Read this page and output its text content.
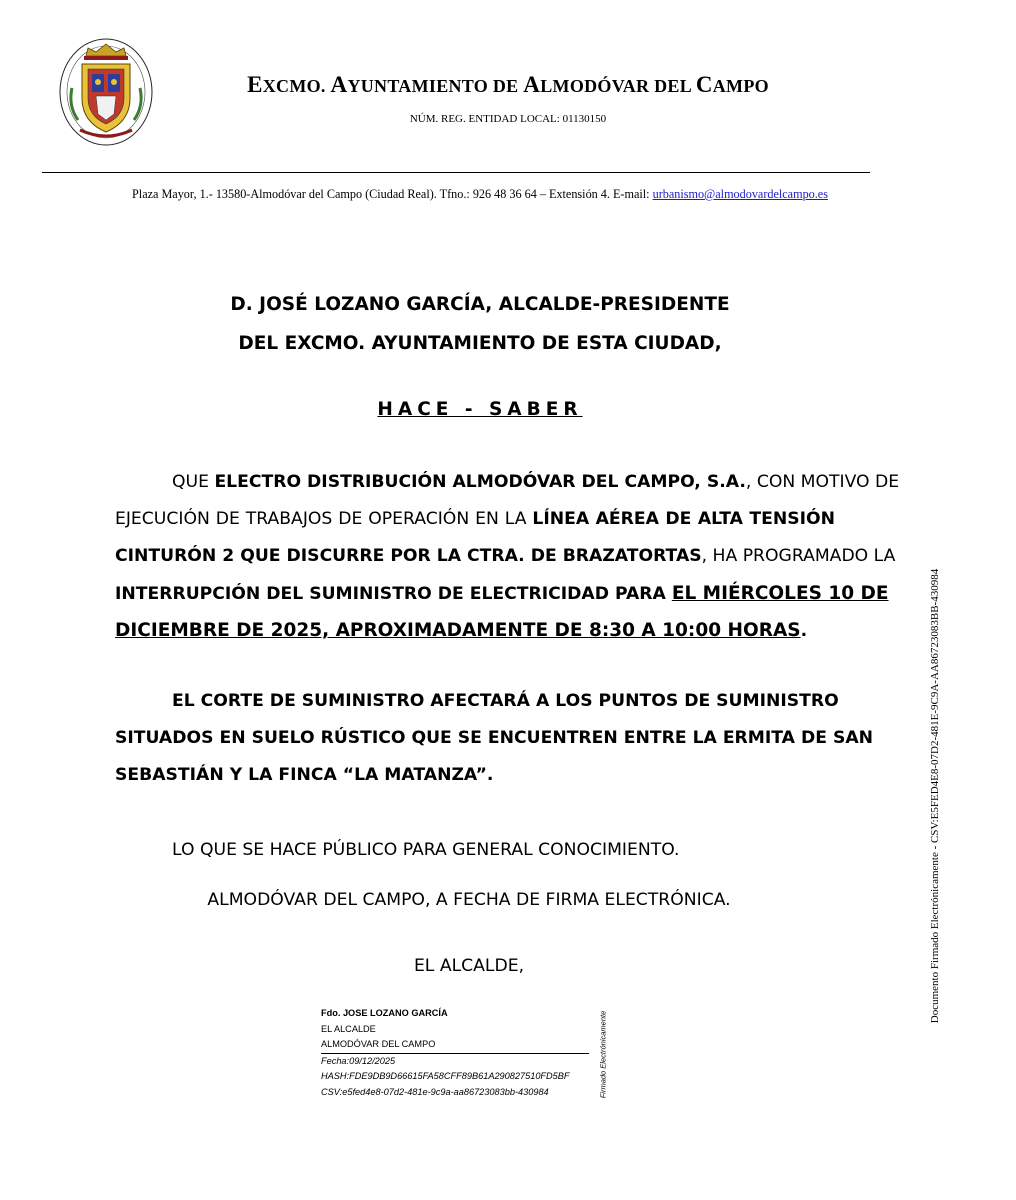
EXCMO. AYUNTAMIENTO DE ALMODÓVAR DEL CAMPO
NÚM. REG. ENTIDAD LOCAL: 01130150
Plaza Mayor, 1.- 13580-Almodóvar del Campo (Ciudad Real). Tfno.: 926 48 36 64 – Extensión 4. E-mail: urbanismo@almodovardelcampo.es
D. JOSÉ LOZANO GARCÍA, ALCALDE-PRESIDENTE
DEL EXCMO. AYUNTAMIENTO DE ESTA CIUDAD,
HACE - SABER
QUE ELECTRO DISTRIBUCIÓN ALMODÓVAR DEL CAMPO, S.A., CON MOTIVO DE
EJECUCIÓN DE TRABAJOS DE OPERACIÓN EN LA LÍNEA AÉREA DE ALTA TENSIÓN
CINTURÓN 2 QUE DISCURRE POR LA CTRA. DE BRAZATORTAS, HA PROGRAMADO LA
INTERRUPCIÓN DEL SUMINISTRO DE ELECTRICIDAD PARA EL MIÉRCOLES 10 DE
DICIEMBRE DE 2025, APROXIMADAMENTE DE 8:30 A 10:00 HORAS.
EL CORTE DE SUMINISTRO AFECTARÁ A LOS PUNTOS DE SUMINISTRO
SITUADOS EN SUELO RÚSTICO QUE SE ENCUENTREN ENTRE LA ERMITA DE SAN
SEBASTIÁN Y LA FINCA “LA MATANZA”.
LO QUE SE HACE PÚBLICO PARA GENERAL CONOCIMIENTO.
ALMODÓVAR DEL CAMPO, A FECHA DE FIRMA ELECTRÓNICA.
EL ALCALDE,
Fdo. JOSE LOZANO GARCÍA
EL ALCALDE
ALMODÓVAR DEL CAMPO
Fecha:09/12/2025
HASH:FDE9DB9D66615FA58CFF89B61A290827510FD5BF
CSV:e5fed4e8-07d2-481e-9c9a-aa86723083bb-430984	Firmado Electrónicamente
Documento Firmado Electrónicamente - CSV:E5FED4E8-07D2-481E-9C9A-AA86723083BB-430984
